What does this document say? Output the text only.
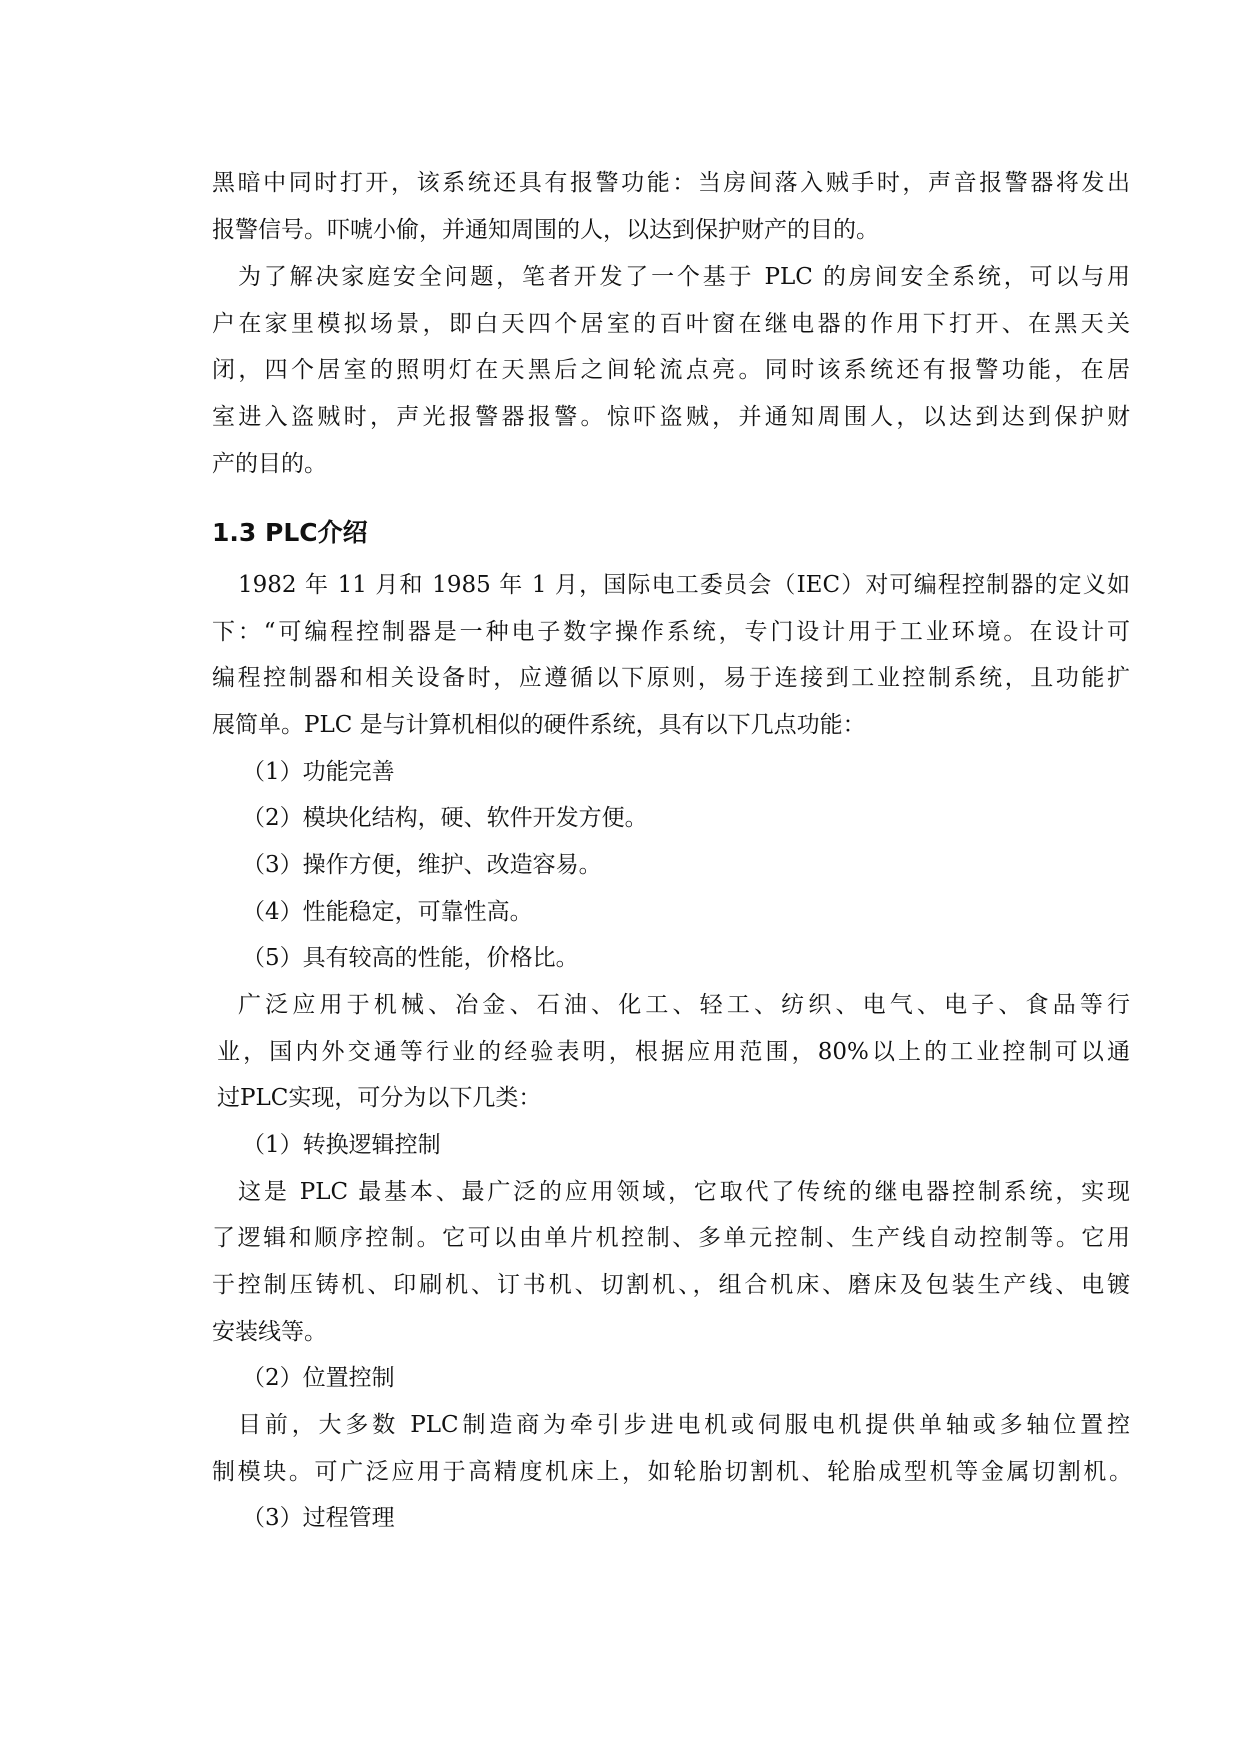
1.3 PLC介绍
黑暗中同时打开，该系统还具有报警功能：当房间落入贼手时，声音报警器将发出
报警信号。吓唬小偷，并通知周围的人，以达到保护财产的目的。
为了解决家庭安全问题，笔者开发了一个基于 PLC 的房间安全系统，可以与用
户在家里模拟场景，即白天四个居室的百叶窗在继电器的作用下打开、在黑天关
闭，四个居室的照明灯在天黑后之间轮流点亮。同时该系统还有报警功能，在居
室进入盗贼时，声光报警器报警。惊吓盗贼，并通知周围人，以达到达到保护财
产的目的。
1982 年 11 月和 1985 年 1 月，国际电工委员会（IEC）对可编程控制器的定义如
下：“可编程控制器是一种电子数字操作系统，专门设计用于工业环境。在设计可
编程控制器和相关设备时，应遵循以下原则，易于连接到工业控制系统，且功能扩
展简单。PLC 是与计算机相似的硬件系统，具有以下几点功能：
（1）功能完善
（2）模块化结构，硬、软件开发方便。
（3）操作方便，维护、改造容易。
（4）性能稳定，可靠性高。
（5）具有较高的性能，价格比。
广泛应用于机械、冶金、石油、化工、轻工、纺织、电气、电子、食品等行
业，国内外交通等行业的经验表明，根据应用范围，80%以上的工业控制可以通
过PLC实现，可分为以下几类：
（1）转换逻辑控制
这是 PLC 最基本、最广泛的应用领域，它取代了传统的继电器控制系统，实现
了逻辑和顺序控制。它可以由单片机控制、多单元控制、生产线自动控制等。它用
于控制压铸机、印刷机、订书机、切割机、，组合机床、磨床及包装生产线、电镀
安装线等。
（2）位置控制
目前，大多数 PLC制造商为牵引步进电机或伺服电机提供单轴或多轴位置控
制模块。可广泛应用于高精度机床上，如轮胎切割机、轮胎成型机等金属切割机。
（3）过程管理
